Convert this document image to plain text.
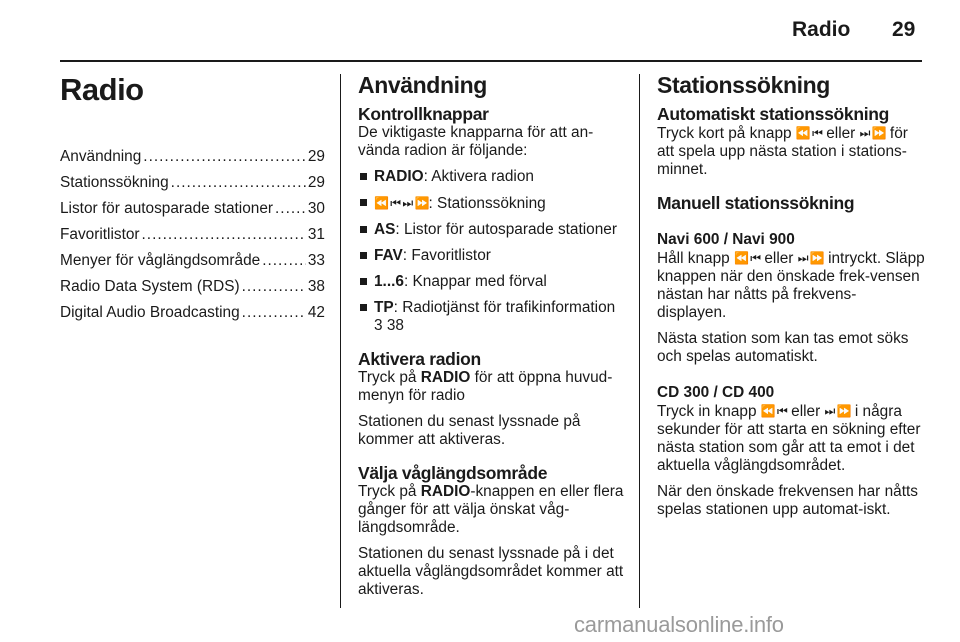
Radio 29
Radio
Användning .....	29
Stationssökning .....	29
Listor för autosparade stationer ..... 30
Favoritlistor .....	31
Menyer för våglängdsområde .....	33
Radio Data System (RDS) .....	38
Digital Audio Broadcasting .....	42
Användning
Kontrollknappar

De viktigaste knapparna för att an-vända radion är följande:

RADIO: Aktivera radion
⏪ ⏮ ⏭ ⏩: Stationssökning
AS: Listor för autosparade stationer
FAV: Favoritlistor
1...6: Knappar med förval
TP: Radiotjänst för trafikinformation
3 38
Aktivera radion

Tryck på RADIO för att öppna huvud-menyn för radio

Stationen du senast lyssnade på kommer att aktiveras.

Välja våglängdsområde

Tryck på RADIO-knappen en eller flera gånger för att välja önskat våg-längdsområde.

Stationen du senast lyssnade på i det aktuella våglängdsområdet kommer att aktiveras.

Stationssökning
Automatiskt stationssökning

Tryck kort på knapp ⏪ ⏮ eller ⏭ ⏩ för att spela upp nästa station i stations-minnet.

Manuell stationssökning
Navi 600 / Navi 900

Håll knapp ⏪ ⏮ eller ⏭ ⏩ intryckt. Släpp knappen när den önskade frek-vensen nästan har nåtts på frekvens-displayen.

Nästa station som kan tas emot söks och spelas automatiskt.

CD 300 / CD 400

Tryck in knapp ⏪ ⏮ eller ⏭ ⏩ i några sekunder för att starta en sökning efter nästa station som går att ta emot i det aktuella våglängdsområdet.

När den önskade frekvensen har nåtts spelas stationen upp automat-iskt.

carmanualsonline.info
